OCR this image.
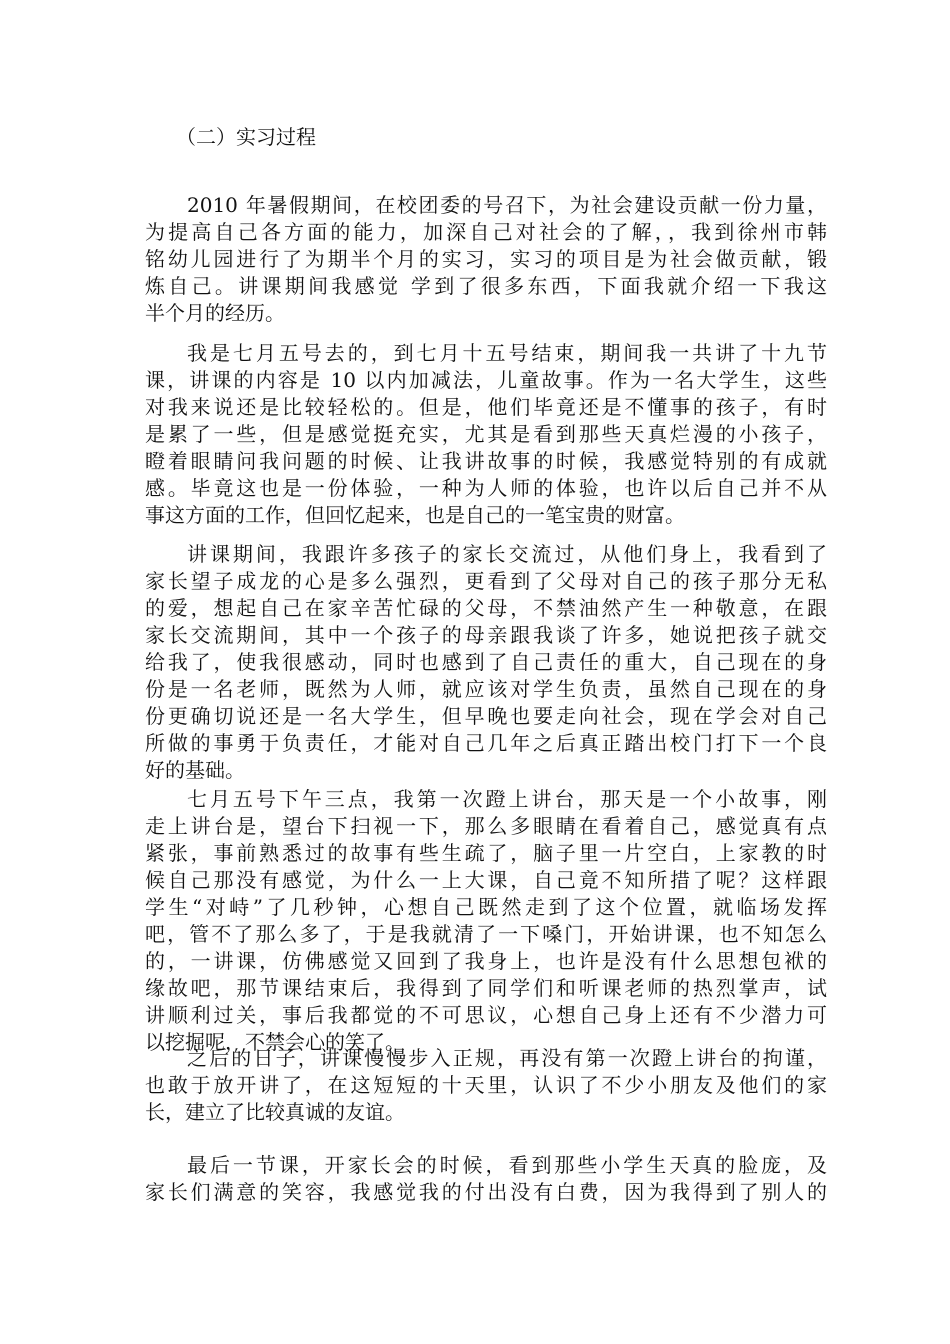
（二）实习过程

2010 年暑假期间，在校团委的号召下，为社会建设贡献一份力量，
为提高自己各方面的能力，加深自己对社会的了解，，我到徐州市韩
铭幼儿园进行了为期半个月的实习，实习的项目是为社会做贡献，锻
炼自己。讲课期间我感觉 学到了很多东西，下面我就介绍一下我这
半个月的经历。

我是七月五号去的，到七月十五号结束，期间我一共讲了十九节
课，讲课的内容是 10 以内加减法，儿童故事。作为一名大学生，这些
对我来说还是比较轻松的。但是，他们毕竟还是不懂事的孩子，有时
是累了一些，但是感觉挺充实，尤其是看到那些天真烂漫的小孩子，
瞪着眼睛问我问题的时候、让我讲故事的时候，我感觉特别的有成就
感。毕竟这也是一份体验，一种为人师的体验，也许以后自己并不从
事这方面的工作，但回忆起来，也是自己的一笔宝贵的财富。

讲课期间，我跟许多孩子的家长交流过，从他们身上，我看到了
家长望子成龙的心是多么强烈，更看到了父母对自己的孩子那分无私
的爱，想起自己在家辛苦忙碌的父母，不禁油然产生一种敬意，在跟
家长交流期间，其中一个孩子的母亲跟我谈了许多，她说把孩子就交
给我了，使我很感动，同时也感到了自己责任的重大，自己现在的身
份是一名老师，既然为人师，就应该对学生负责，虽然自己现在的身
份更确切说还是一名大学生，但早晚也要走向社会，现在学会对自己
所做的事勇于负责任，才能对自己几年之后真正踏出校门打下一个良
好的基础。

七月五号下午三点，我第一次蹬上讲台，那天是一个小故事，刚
走上讲台是，望台下扫视一下，那么多眼睛在看着自己，感觉真有点
紧张，事前熟悉过的故事有些生疏了，脑子里一片空白，上家教的时
候自己那没有感觉，为什么一上大课，自己竟不知所措了呢？这样跟
学生“对峙”了几秒钟，心想自己既然走到了这个位置，就临场发挥
吧，管不了那么多了，于是我就清了一下嗓门，开始讲课，也不知怎么
的，一讲课，仿佛感觉又回到了我身上，也许是没有什么思想包袱的
缘故吧，那节课结束后，我得到了同学们和听课老师的热烈掌声，试
讲顺利过关，事后我都觉的不可思议，心想自己身上还有不少潜力可
以挖掘呢，不禁会心的笑了。

之后的日子，讲课慢慢步入正规，再没有第一次蹬上讲台的拘谨，
也敢于放开讲了，在这短短的十天里，认识了不少小朋友及他们的家
长，建立了比较真诚的友谊。

最后一节课，开家长会的时候，看到那些小学生天真的脸庞，及
家长们满意的笑容，我感觉我的付出没有白费，因为我得到了别人的
